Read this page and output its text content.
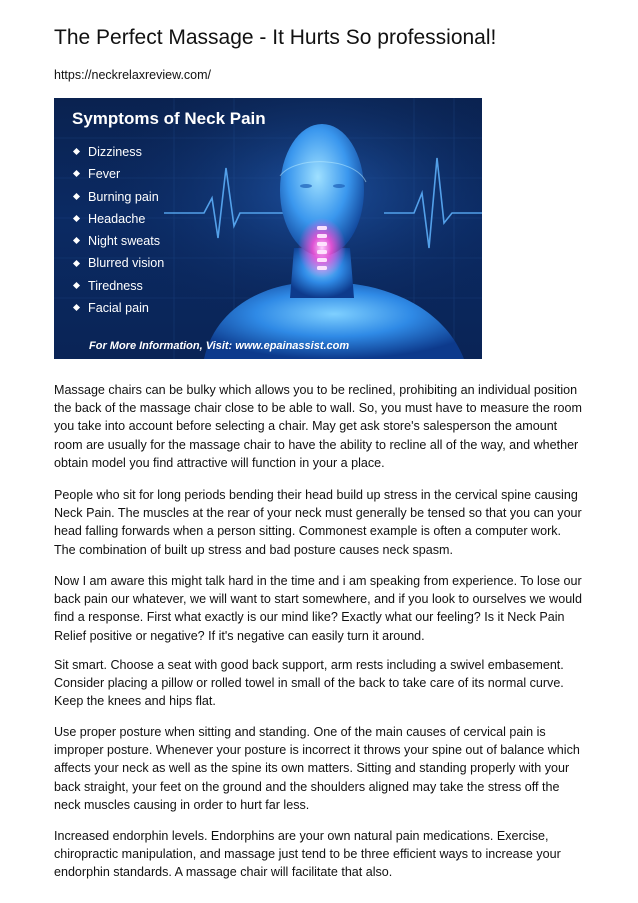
The Perfect Massage - It Hurts So professional!
https://neckrelaxreview.com/
Symptoms of Neck Pain
Dizziness
Fever
Burning pain
Headache
Night sweats
Blurred vision
Tiredness
Facial pain
For More Information, Visit: www.epainassist.com

Massage chairs can be bulky which allows you to be reclined, prohibiting an individual position the back of the massage chair close to be able to wall. So, you must have to measure the room you take into account before selecting a chair. May get ask store's salesperson the amount room are usually for the massage chair to have the ability to recline all of the way, and whether obtain model you find attractive will function in your a place.

People who sit for long periods bending their head build up stress in the cervical spine causing Neck Pain. The muscles at the rear of your neck must generally be tensed so that you can your head falling forwards when a person sitting. Commonest example is often a computer work. The combination of built up stress and bad posture causes neck spasm.

Now I am aware this might talk hard in the time and i am speaking from experience. To lose our back pain our whatever, we will want to start somewhere, and if you look to ourselves we would find a response. First what exactly is our mind like? Exactly what our feeling? Is it Neck Pain Relief positive or negative? If it's negative can easily turn it around.

Sit smart. Choose a seat with good back support, arm rests including a swivel embasement. Consider placing a pillow or rolled towel in small of the back to take care of its normal curve. Keep the knees and hips flat.

Use proper posture when sitting and standing. One of the main causes of cervical pain is improper posture. Whenever your posture is incorrect it throws your spine out of balance which affects your neck as well as the spine its own matters. Sitting and standing properly with your back straight, your feet on the ground and the shoulders aligned may take the stress off the neck muscles causing in order to hurt far less.

Increased endorphin levels. Endorphins are your own natural pain medications. Exercise, chiropractic manipulation, and massage just tend to be three efficient ways to increase your endorphin standards. A massage chair will facilitate that also.
